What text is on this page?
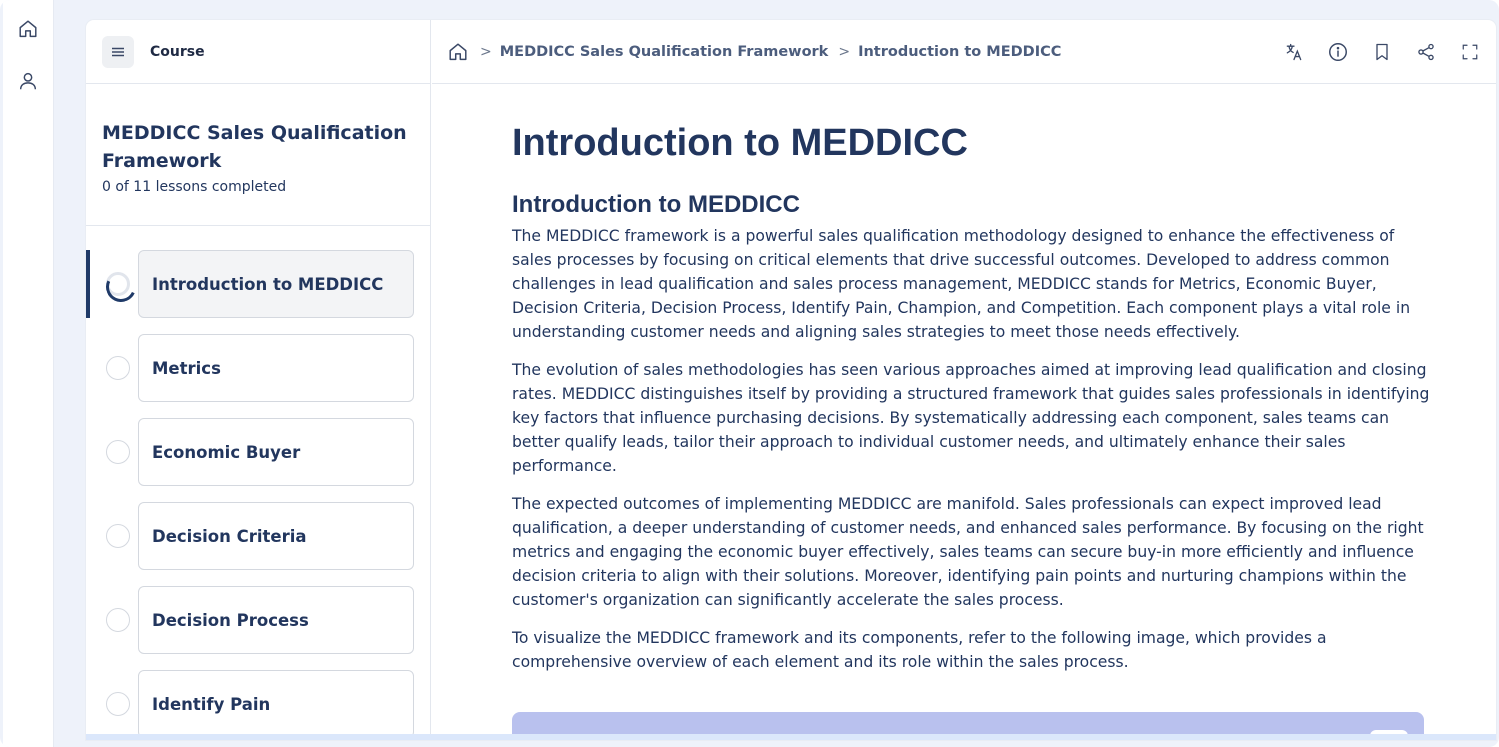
Course
MEDDICC Sales Qualification Framework
0 of 11 lessons completed
Introduction to MEDDICC
Metrics
Economic Buyer
Decision Criteria
Decision Process
Identify Pain
> MEDDICC Sales Qualification Framework > Introduction to MEDDICC
Introduction to MEDDICC
Introduction to MEDDICC

The MEDDICC framework is a powerful sales qualification methodology designed to enhance the effectiveness of sales processes by focusing on critical elements that drive successful outcomes. Developed to address common challenges in lead qualification and sales process management, MEDDICC stands for Metrics, Economic Buyer, Decision Criteria, Decision Process, Identify Pain, Champion, and Competition. Each component plays a vital role in understanding customer needs and aligning sales strategies to meet those needs effectively.

The evolution of sales methodologies has seen various approaches aimed at improving lead qualification and closing rates. MEDDICC distinguishes itself by providing a structured framework that guides sales professionals in identifying key factors that influence purchasing decisions. By systematically addressing each component, sales teams can better qualify leads, tailor their approach to individual customer needs, and ultimately enhance their sales performance.

The expected outcomes of implementing MEDDICC are manifold. Sales professionals can expect improved lead qualification, a deeper understanding of customer needs, and enhanced sales performance. By focusing on the right metrics and engaging the economic buyer effectively, sales teams can secure buy-in more efficiently and influence decision criteria to align with their solutions. Moreover, identifying pain points and nurturing champions within the customer's organization can significantly accelerate the sales process.

To visualize the MEDDICC framework and its components, refer to the following image, which provides a comprehensive overview of each element and its role within the sales process.
